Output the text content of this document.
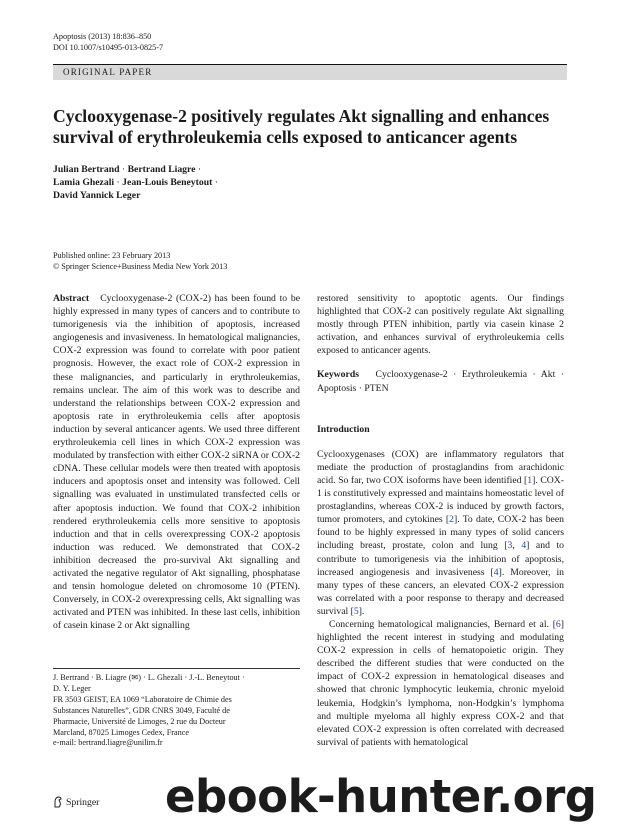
Apoptosis (2013) 18:836–850
DOI 10.1007/s10495-013-0825-7
ORIGINAL PAPER
Cyclooxygenase-2 positively regulates Akt signalling and enhances
survival of erythroleukemia cells exposed to anticancer agents
Julian Bertrand · Bertrand Liagre ·
Lamia Ghezali · Jean-Louis Beneytout ·
David Yannick Leger
Published online: 23 February 2013
© Springer Science+Business Media New York 2013

Abstract Cyclooxygenase-2 (COX-2) has been found to be highly expressed in many types of cancers and to contribute to tumorigenesis via the inhibition of apoptosis, increased angiogenesis and invasiveness. In hematological malignancies, COX-2 expression was found to correlate with poor patient prognosis. However, the exact role of COX-2 expression in these malignancies, and particularly in erythroleukemias, remains unclear. The aim of this work was to describe and understand the relationships between COX-2 expression and apoptosis rate in erythroleukemia cells after apoptosis induction by several anticancer agents. We used three different erythroleukemia cell lines in which COX-2 expression was modulated by transfection with either COX-2 siRNA or COX-2 cDNA. These cellular models were then treated with apoptosis inducers and apoptosis onset and intensity was followed. Cell signalling was evaluated in unstimulated transfected cells or after apoptosis induction. We found that COX-2 inhibition rendered erythroleukemia cells more sensitive to apoptosis induction and that in cells overexpressing COX-2 apoptosis induction was reduced. We demonstrated that COX-2 inhibition decreased the pro-survival Akt signalling and activated the negative regulator of Akt signalling, phosphatase and tensin homologue deleted on chromosome 10 (PTEN). Conversely, in COX-2 overexpressing cells, Akt signalling was activated and PTEN was inhibited. In these last cells, inhibition of casein kinase 2 or Akt signalling

restored sensitivity to apoptotic agents. Our findings highlighted that COX-2 can positively regulate Akt signalling mostly through PTEN inhibition, partly via casein kinase 2 activation, and enhances survival of erythroleukemia cells exposed to anticancer agents.

Keywords Cyclooxygenase-2 · Erythroleukemia · Akt · Apoptosis · PTEN

Introduction

Cyclooxygenases (COX) are inflammatory regulators that mediate the production of prostaglandins from arachidonic acid. So far, two COX isoforms have been identified [1]. COX-1 is constitutively expressed and maintains homeostatic level of prostaglandins, whereas COX-2 is induced by growth factors, tumor promoters, and cytokines [2]. To date, COX-2 has been found to be highly expressed in many types of solid cancers including breast, prostate, colon and lung [3, 4] and to contribute to tumorigenesis via the inhibition of apoptosis, increased angiogenesis and invasiveness [4]. Moreover, in many types of these cancers, an elevated COX-2 expression was correlated with a poor response to therapy and decreased survival [5].

Concerning hematological malignancies, Bernard et al. [6] highlighted the recent interest in studying and modulating COX-2 expression in cells of hematopoietic origin. They described the different studies that were conducted on the impact of COX-2 expression in hematological diseases and showed that chronic lymphocytic leukemia, chronic myeloid leukemia, Hodgkin’s lymphoma, non-Hodgkin’s lymphoma and multiple myeloma all highly express COX-2 and that elevated COX-2 expression is often correlated with decreased survival of patients with hematological

J. Bertrand · B. Liagre (✉) · L. Ghezali · J.-L. Beneytout ·

D. Y. Leger

FR 3503 GEIST, EA 1069 “Laboratoire de Chimie des

Substances Naturelles”, GDR CNRS 3049, Faculté de

Pharmacie, Université de Limoges, 2 rue du Docteur

Marcland, 87025 Limoges Cedex, France

e-mail: bertrand.liagre@unilim.fr

Springer ebook-hunter.org
